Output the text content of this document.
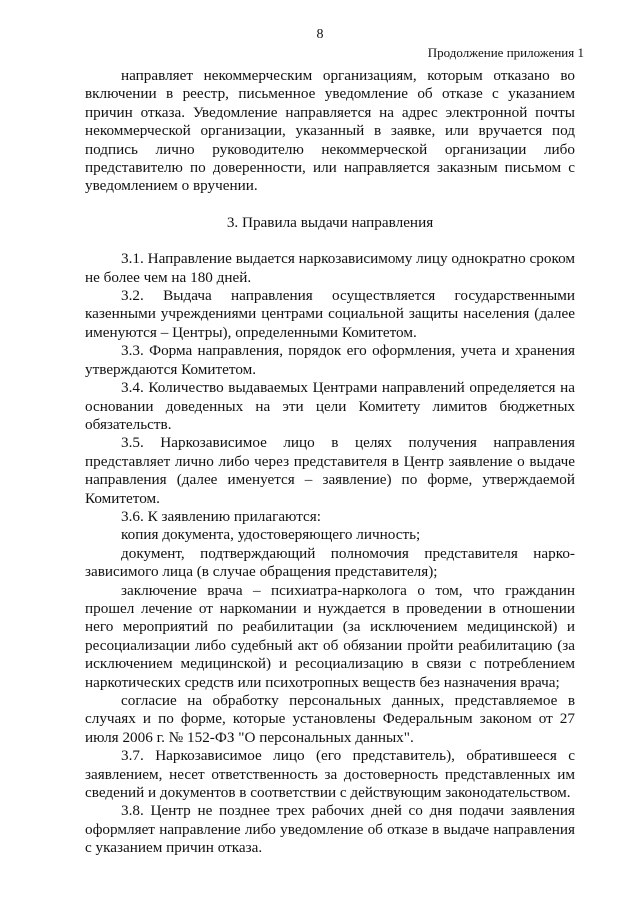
8
Продолжение приложения 1

направляет некоммерческим организациям, которым отказано во включении в реестр, письменное уведомление об отказе с указанием причин отказа. Уведомление направляется на адрес электронной почты некоммерческой организации, указанный в заявке, или вручается под подпись лично руководителю некоммерческой организации либо представителю по доверенности, или направляется заказным письмом с уведомлением о вручении.

3. Правила выдачи направления

3.1. Направление выдается наркозависимому лицу однократно сроком не более чем на 180 дней.

3.2. Выдача направления осуществляется государственными казенными учреждениями центрами социальной защиты населения (далее именуются – Центры), определенными Комитетом.

3.3. Форма направления, порядок его оформления, учета и хранения утверждаются Комитетом.

3.4. Количество выдаваемых Центрами направлений определяется на основании доведенных на эти цели Комитету лимитов бюджетных обязательств.

3.5. Наркозависимое лицо в целях получения направления представляет лично либо через представителя в Центр заявление о выдаче направления (далее именуется – заявление) по форме, утверждаемой Комитетом.

3.6. К заявлению прилагаются:

копия документа, удостоверяющего личность;

документ, подтверждающий полномочия представителя нарко-зависимого лица (в случае обращения представителя);

заключение врача – психиатра-нарколога о том, что гражданин прошел лечение от наркомании и нуждается в проведении в отношении него мероприятий по реабилитации (за исключением медицинской) и ресоциализации либо судебный акт об обязании пройти реабилитацию (за исключением медицинской) и ресоциализацию в связи с потреблением наркотических средств или психотропных веществ без назначения врача;

согласие на обработку персональных данных, представляемое в случаях и по форме, которые установлены Федеральным законом от 27 июля 2006 г. № 152-ФЗ "О персональных данных".

3.7. Наркозависимое лицо (его представитель), обратившееся с заявлением, несет ответственность за достоверность представленных им сведений и документов в соответствии с действующим законодательством.

3.8. Центр не позднее трех рабочих дней со дня подачи заявления оформляет направление либо уведомление об отказе в выдаче направления с указанием причин отказа.
